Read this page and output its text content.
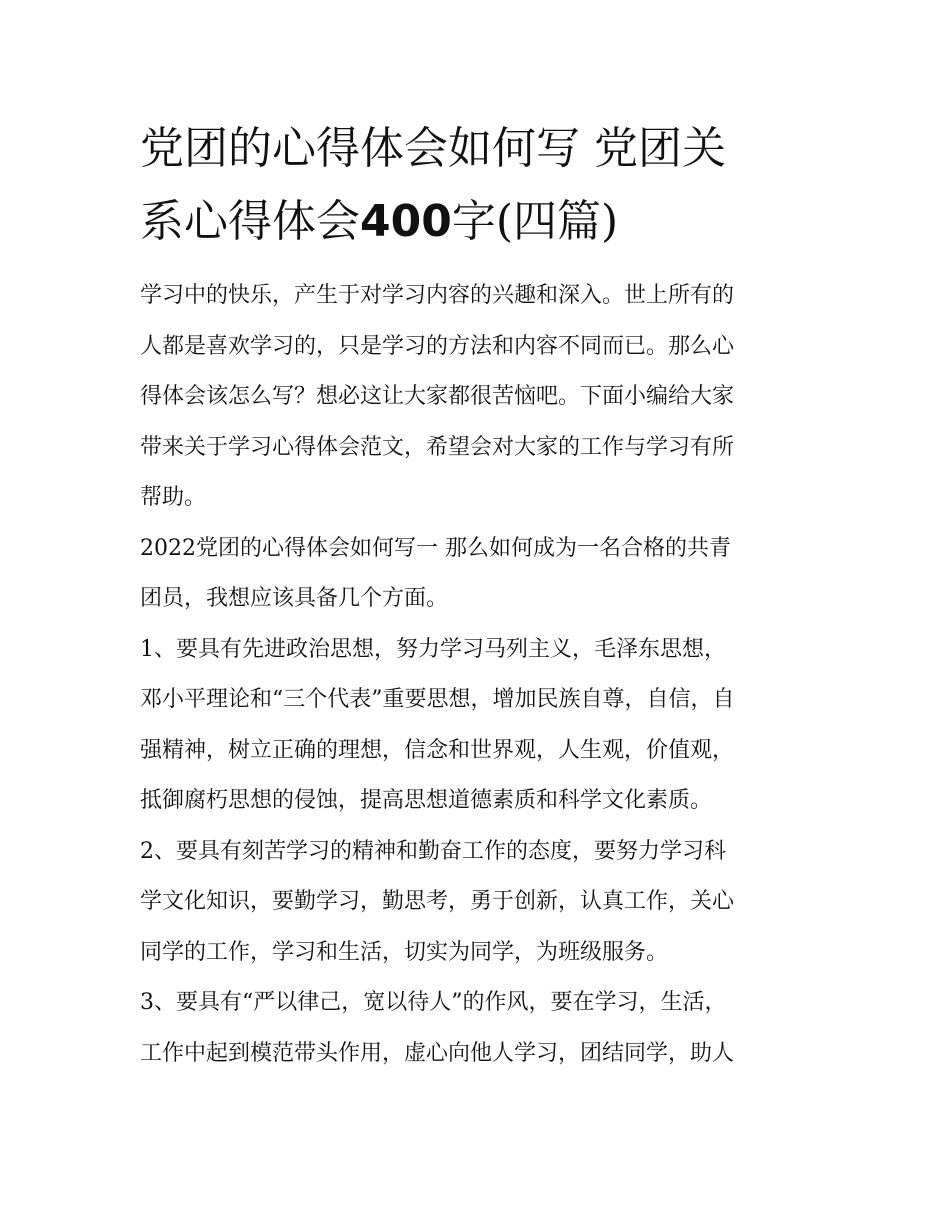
党团的心得体会如何写 党团关
系心得体会400字(四篇)

学习中的快乐，产生于对学习内容的兴趣和深入。世上所有的
人都是喜欢学习的，只是学习的方法和内容不同而已。那么心
得体会该怎么写？想必这让大家都很苦恼吧。下面小编给大家
带来关于学习心得体会范文，希望会对大家的工作与学习有所
帮助。

2022党团的心得体会如何写一 那么如何成为一名合格的共青
团员，我想应该具备几个方面。

1、要具有先进政治思想，努力学习马列主义，毛泽东思想，
邓小平理论和“三个代表”重要思想，增加民族自尊，自信，自
强精神，树立正确的理想，信念和世界观，人生观，价值观，
抵御腐朽思想的侵蚀，提高思想道德素质和科学文化素质。

2、要具有刻苦学习的精神和勤奋工作的态度，要努力学习科
学文化知识，要勤学习，勤思考，勇于创新，认真工作，关心
同学的工作，学习和生活，切实为同学，为班级服务。

3、要具有“严以律己，宽以待人”的作风，要在学习，生活，
工作中起到模范带头作用，虚心向他人学习，团结同学，助人
